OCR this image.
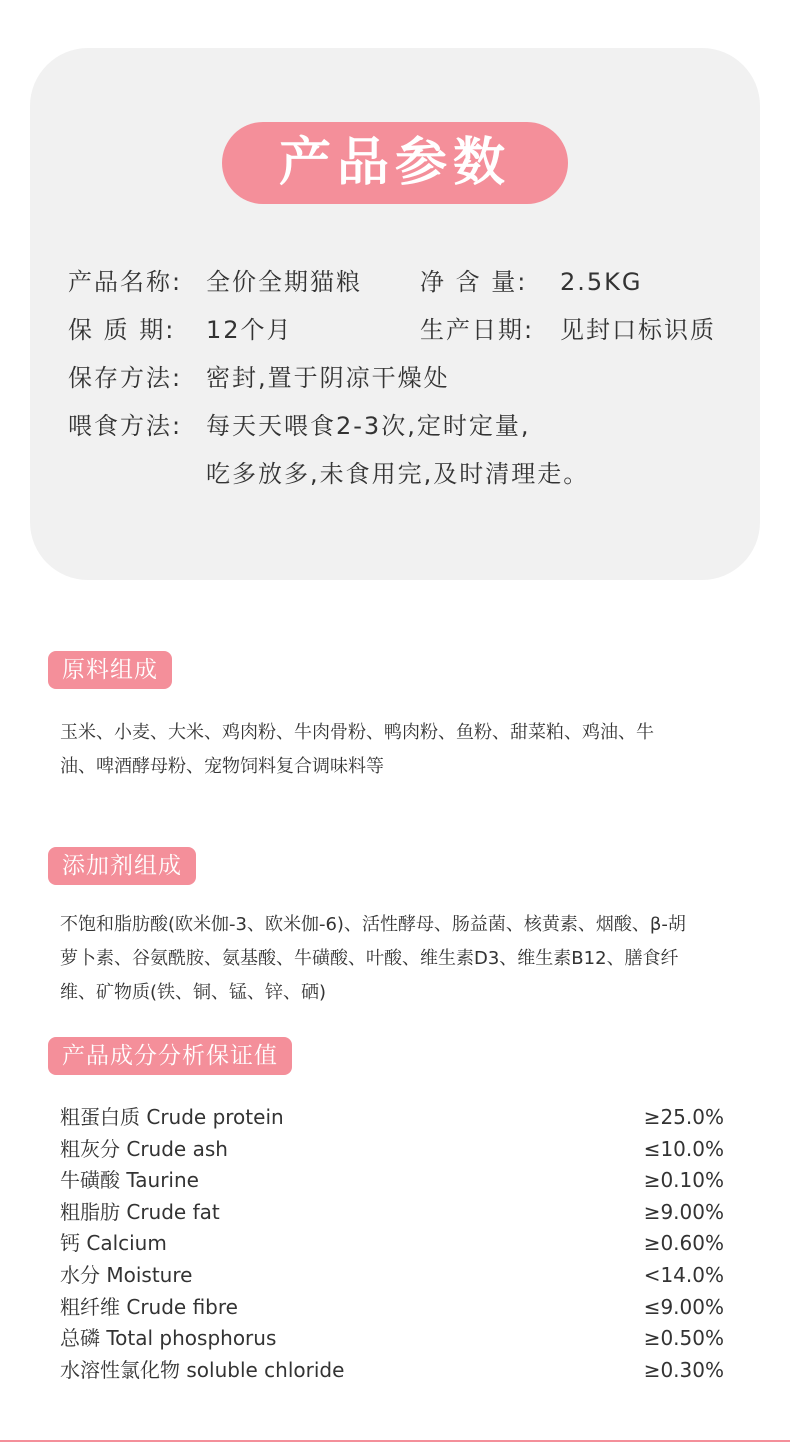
产品参数
产品名称: 全价全期猫粮 净 含 量: 2.5KG
保 质 期: 12个月	生产日期: 见封口标识质
保存方法: 密封,置于阴凉干燥处
喂食方法: 每天天喂食2-3次,定时定量,
吃多放多,未食用完,及时清理走。
原料组成
玉米、小麦、大米、鸡肉粉、牛肉骨粉、鸭肉粉、鱼粉、甜菜粕、鸡油、牛
油、啤酒酵母粉、宠物饲料复合调味料等
添加剂组成
不饱和脂肪酸(欧米伽-3、欧米伽-6)、活性酵母、肠益菌、核黄素、烟酸、β-胡
萝卜素、谷氨酰胺、氨基酸、牛磺酸、叶酸、维生素D3、维生素B12、膳食纤
维、矿物质(铁、铜、锰、锌、硒)
产品成分分析保证值
粗蛋白质 Crude protein	≥25.0%
粗灰分 Crude ash	≤10.0%
牛磺酸 Taurine	≥0.10%
粗脂肪 Crude fat	≥9.00%
钙 Calcium	≥0.60%
水分 Moisture	<14.0%
粗纤维 Crude fibre	≤9.00%
总磷 Total phosphorus	≥0.50%
水溶性氯化物 soluble chloride	≥0.30%
